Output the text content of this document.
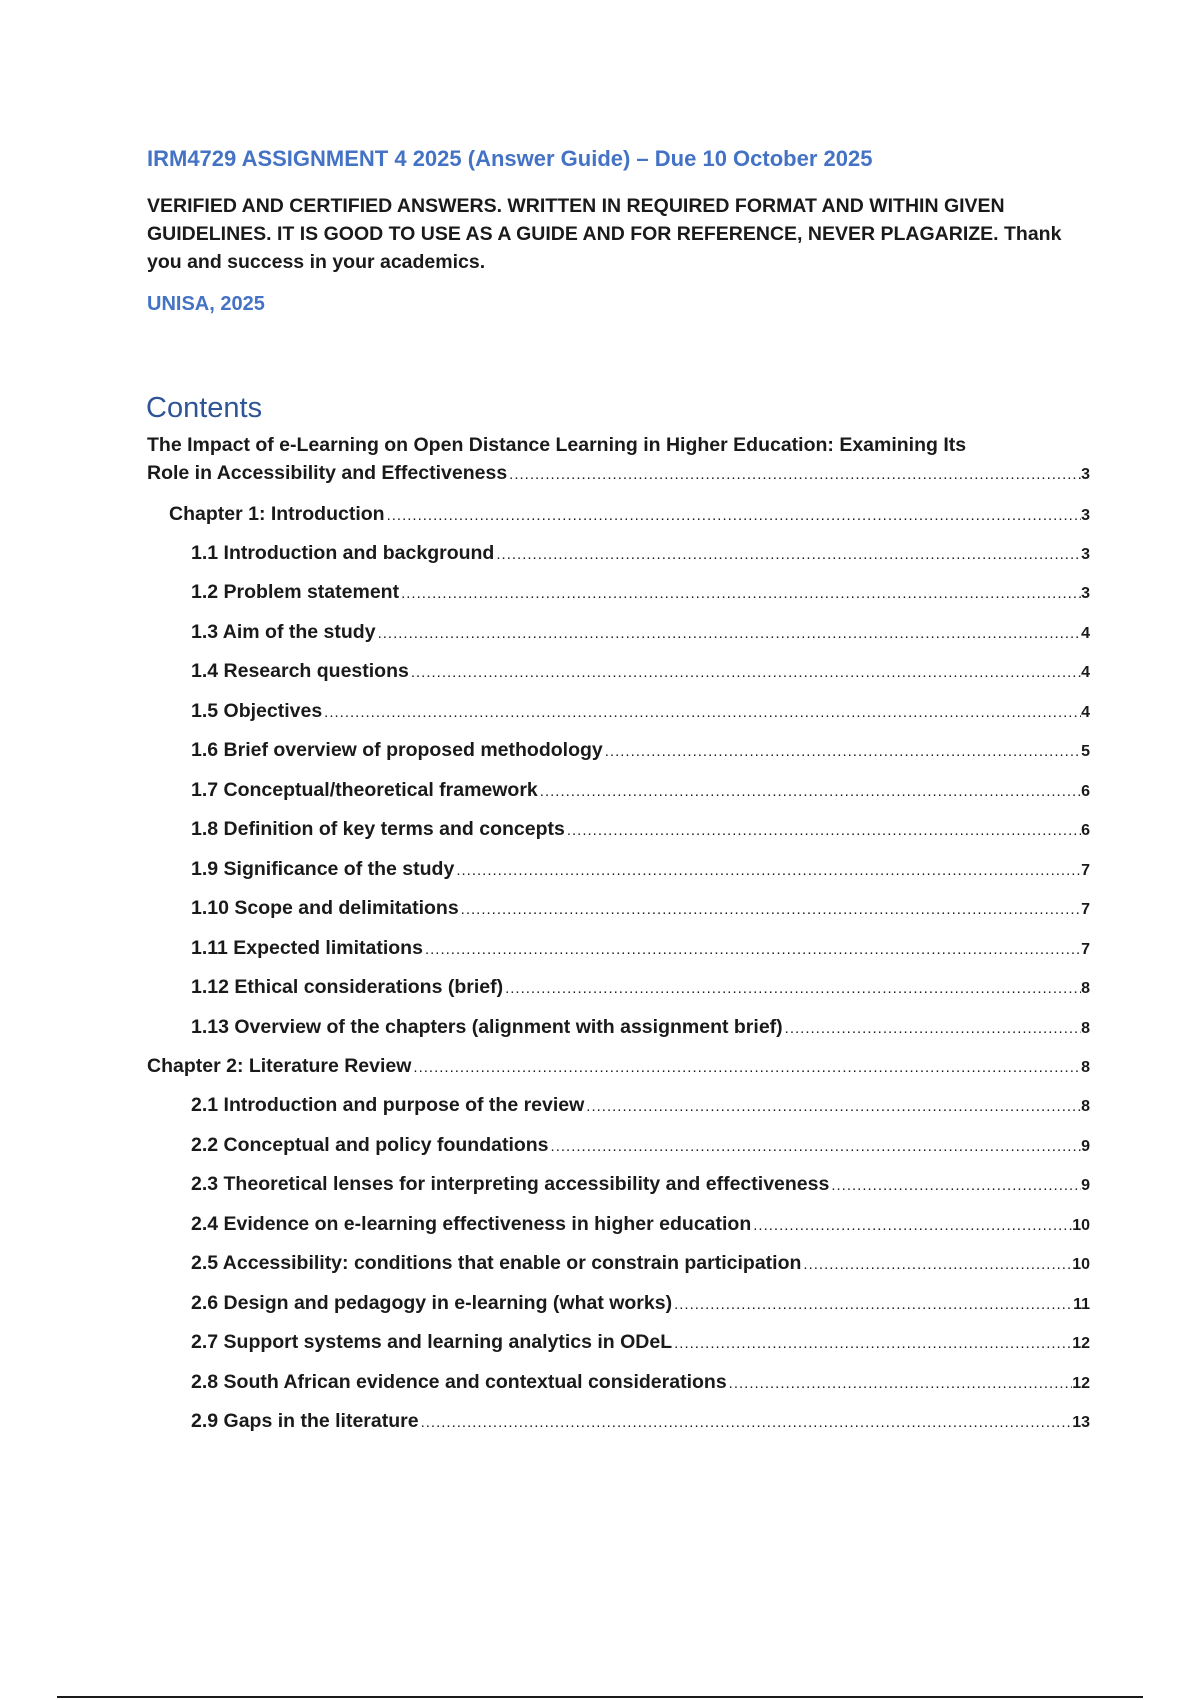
IRM4729 ASSIGNMENT 4 2025 (Answer Guide) – Due 10 October 2025

VERIFIED AND CERTIFIED ANSWERS. WRITTEN IN REQUIRED FORMAT AND WITHIN GIVEN GUIDELINES. IT IS GOOD TO USE AS A GUIDE AND FOR REFERENCE, NEVER PLAGARIZE. Thank you and success in your academics.

UNISA, 2025

Contents
The Impact of e-Learning on Open Distance Learning in Higher Education: Examining Its
Role in Accessibility and Effectiveness .....	3
Chapter 1: Introduction .....	3
1.1 Introduction and background .....	3
1.2 Problem statement .....	3
1.3 Aim of the study .....	4
1.4 Research questions .....	4
1.5 Objectives .....	4
1.6 Brief overview of proposed methodology .....	5
1.7 Conceptual/theoretical framework .....	6
1.8 Definition of key terms and concepts .....	6
1.9 Significance of the study .....	7
1.10 Scope and delimitations .....	7
1.11 Expected limitations .....	7
1.12 Ethical considerations (brief) .....	8
1.13 Overview of the chapters (alignment with assignment brief) .....	8
Chapter 2: Literature Review .....	8
2.1 Introduction and purpose of the review .....	8
2.2 Conceptual and policy foundations .....	9
2.3 Theoretical lenses for interpreting accessibility and effectiveness .....	9
2.4 Evidence on e-learning effectiveness in higher education .....	10
2.5 Accessibility: conditions that enable or constrain participation .....	10
2.6 Design and pedagogy in e-learning (what works) .....	11
2.7 Support systems and learning analytics in ODeL .....	12
2.8 South African evidence and contextual considerations .....	12
2.9 Gaps in the literature .....	13
